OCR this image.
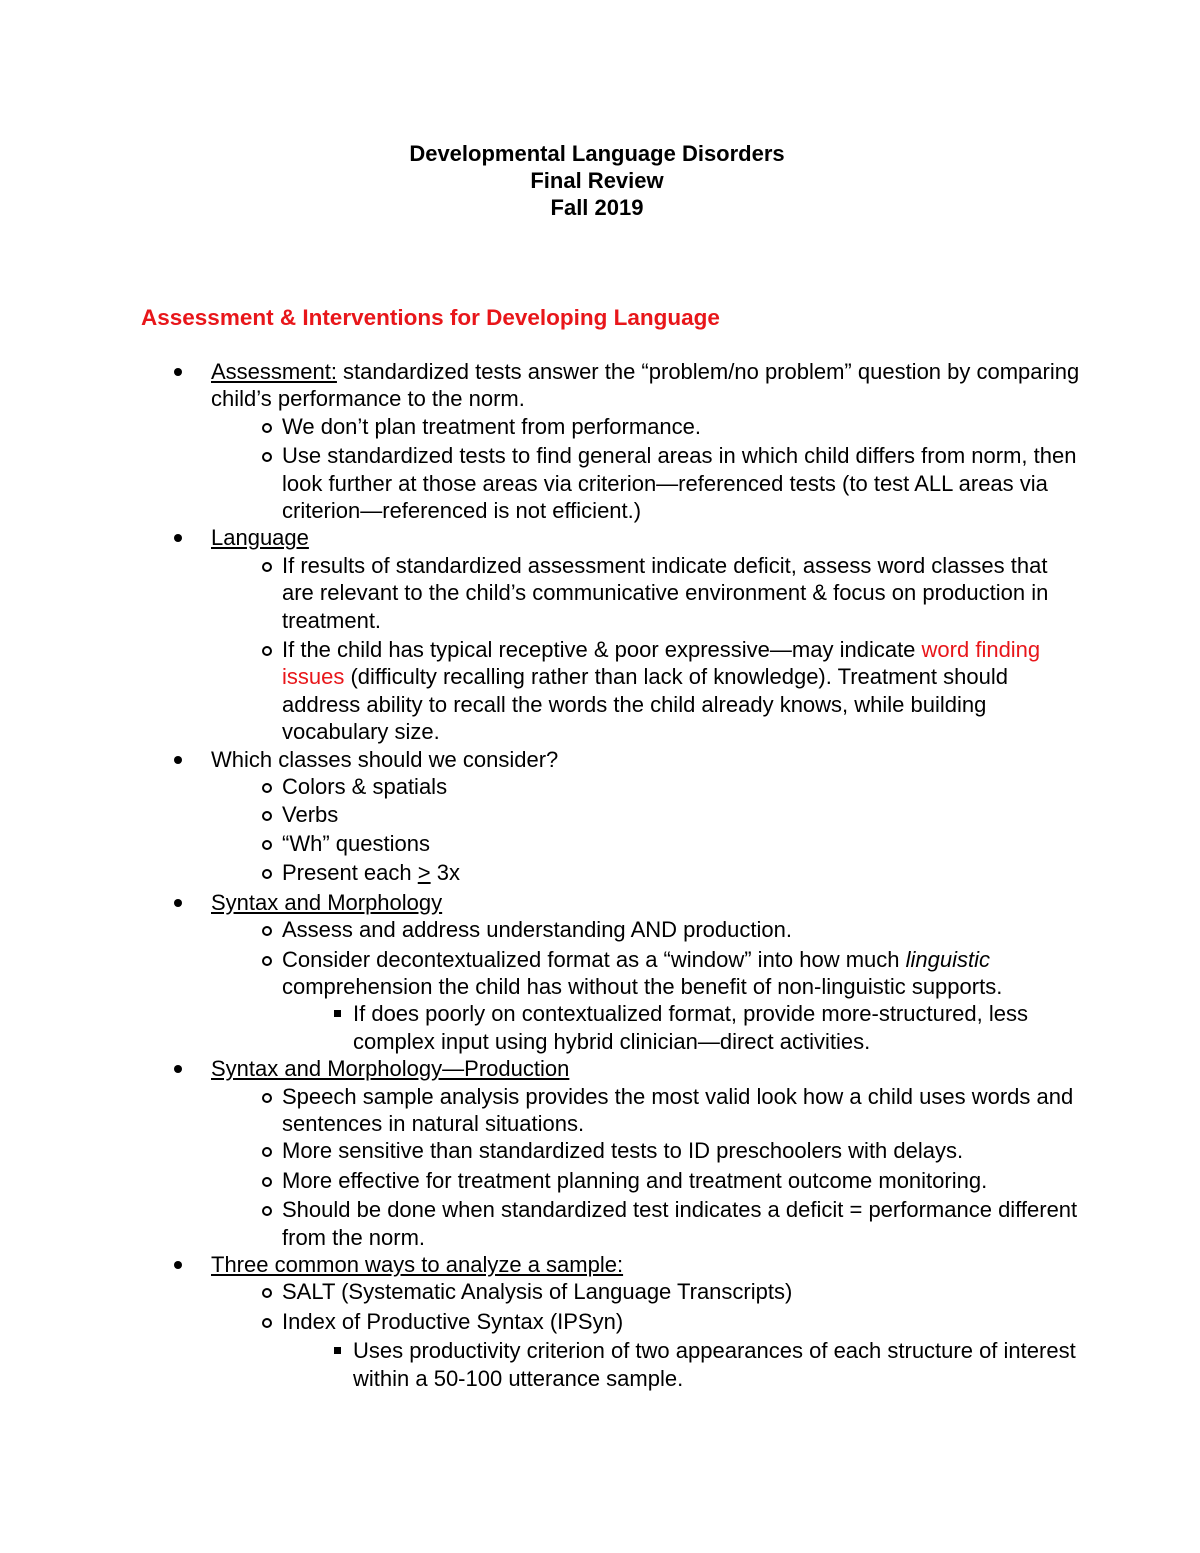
Developmental Language Disorders
Final Review
Fall 2019
Assessment & Interventions for Developing Language
Assessment: standardized tests answer the “problem/no problem” question by comparing child’s performance to the norm.
We don’t plan treatment from performance.
Use standardized tests to find general areas in which child differs from norm, then look further at those areas via criterion—referenced tests (to test ALL areas via criterion—referenced is not efficient.)
Language
If results of standardized assessment indicate deficit, assess word classes that are relevant to the child’s communicative environment & focus on production in treatment.
If the child has typical receptive & poor expressive—may indicate word finding issues (difficulty recalling rather than lack of knowledge). Treatment should address ability to recall the words the child already knows, while building vocabulary size.
Which classes should we consider?
Colors & spatials
Verbs
“Wh” questions
Present each ≥ 3x
Syntax and Morphology
Assess and address understanding AND production.
Consider decontextualized format as a “window” into how much linguistic comprehension the child has without the benefit of non-linguistic supports.
If does poorly on contextualized format, provide more-structured, less complex input using hybrid clinician—direct activities.
Syntax and Morphology—Production
Speech sample analysis provides the most valid look how a child uses words and sentences in natural situations.
More sensitive than standardized tests to ID preschoolers with delays.
More effective for treatment planning and treatment outcome monitoring.
Should be done when standardized test indicates a deficit = performance different from the norm.
Three common ways to analyze a sample:
SALT (Systematic Analysis of Language Transcripts)
Index of Productive Syntax (IPSyn)
Uses productivity criterion of two appearances of each structure of interest within a 50-100 utterance sample.
